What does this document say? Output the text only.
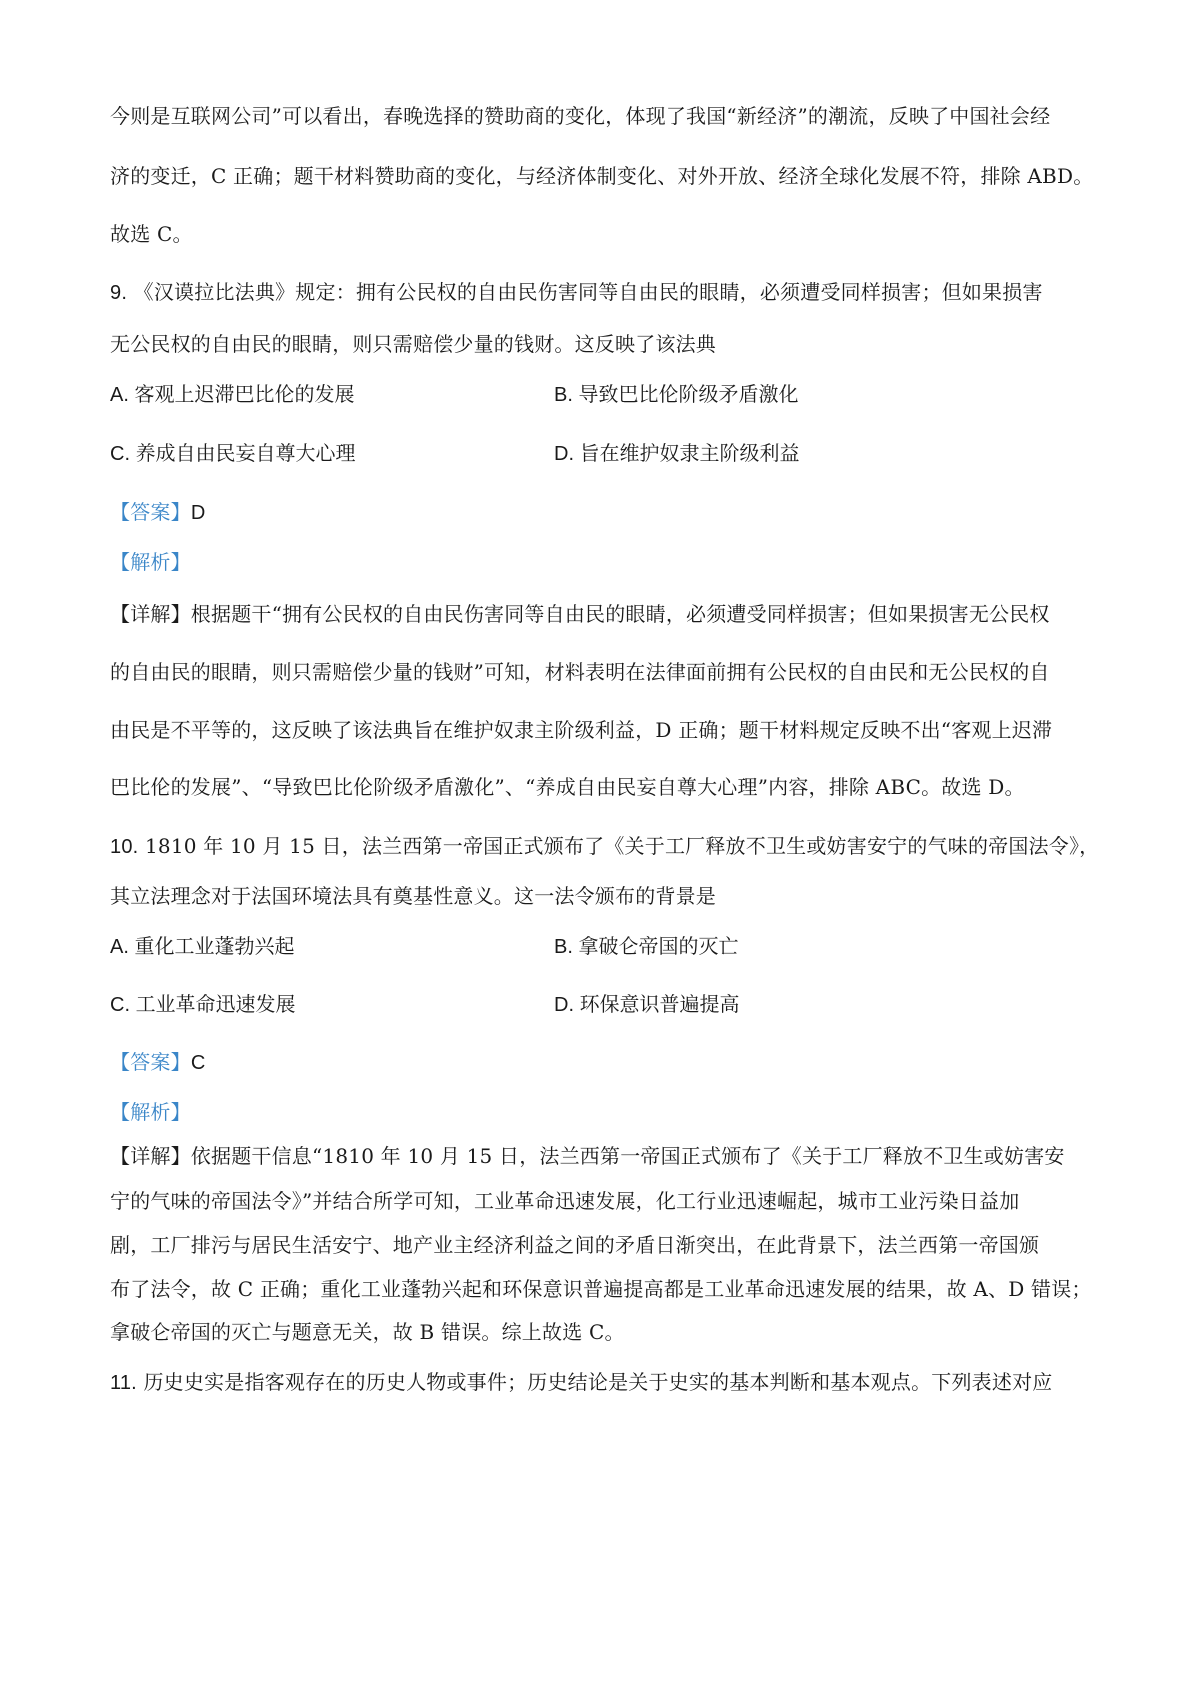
今则是互联网公司”可以看出，春晚选择的赞助商的变化，体现了我国“新经济”的潮流，反映了中国社会经
济的变迁，C 正确；题干材料赞助商的变化，与经济体制变化、对外开放、经济全球化发展不符，排除 ABD。
故选 C。
9. 《汉谟拉比法典》规定：拥有公民权的自由民伤害同等自由民的眼睛，必须遭受同样损害；但如果损害
无公民权的自由民的眼睛，则只需赔偿少量的钱财。这反映了该法典
A. 客观上迟滞巴比伦的发展	B. 导致巴比伦阶级矛盾激化
C. 养成自由民妄自尊大心理	D. 旨在维护奴隶主阶级利益
【答案】D
【解析】
【详解】根据题干“拥有公民权的自由民伤害同等自由民的眼睛，必须遭受同样损害；但如果损害无公民权
的自由民的眼睛，则只需赔偿少量的钱财”可知，材料表明在法律面前拥有公民权的自由民和无公民权的自
由民是不平等的，这反映了该法典旨在维护奴隶主阶级利益，D 正确；题干材料规定反映不出“客观上迟滞
巴比伦的发展”、“导致巴比伦阶级矛盾激化”、“养成自由民妄自尊大心理”内容，排除 ABC。故选 D。
10. 1810 年 10 月 15 日，法兰西第一帝国正式颁布了《关于工厂释放不卫生或妨害安宁的气味的帝国法令》，
其立法理念对于法国环境法具有奠基性意义。这一法令颁布的背景是
A. 重化工业蓬勃兴起	B. 拿破仑帝国的灭亡
C. 工业革命迅速发展	D. 环保意识普遍提高
【答案】C
【解析】
【详解】依据题干信息“1810 年 10 月 15 日，法兰西第一帝国正式颁布了《关于工厂释放不卫生或妨害安
宁的气味的帝国法令》”并结合所学可知，工业革命迅速发展，化工行业迅速崛起，城市工业污染日益加
剧，工厂排污与居民生活安宁、地产业主经济利益之间的矛盾日渐突出，在此背景下，法兰西第一帝国颁
布了法令，故 C 正确；重化工业蓬勃兴起和环保意识普遍提高都是工业革命迅速发展的结果，故 A、D 错误；
拿破仑帝国的灭亡与题意无关，故 B 错误。综上故选 C。
11. 历史史实是指客观存在的历史人物或事件；历史结论是关于史实的基本判断和基本观点。下列表述对应
